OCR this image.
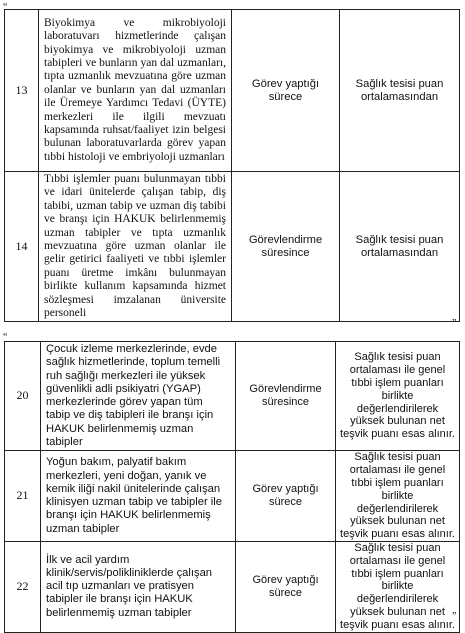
“
13	Biyokimya ve mikrobiyoloji laboratuvarı hizmetlerinde çalışan biyokimya ve mikrobiyoloji uzman tabipleri ve bunların yan dal uzmanları, tıpta uzmanlık mevzuatına göre uzman olanlar ve bunların yan dal uzmanları ile Üremeye Yardımcı Tedavi (ÜYTE) merkezleri ile ilgili mevzuatı kapsamında ruhsat/faaliyet izin belgesi bulunan laboratuvarlarda görev yapan tıbbi histoloji ve embriyoloji uzmanları	Görev yaptığı sürece	Sağlık tesisi puan ortalamasından
14	Tıbbi işlemler puanı bulunmayan tıbbi ve idari ünitelerde çalışan tabip, diş tabibi, uzman tabip ve uzman diş tabibi ve branşı için HAKUK belirlenmemiş uzman tabipler ve tıpta uzmanlık mevzuatına göre uzman olanlar ile gelir getirici faaliyeti ve tıbbi işlemler puanı üretme imkânı bulunmayan birlikte kullanım kapsamında hizmet sözleşmesi imzalanan üniversite personeli	Görevlendirme süresince	Sağlık tesisi puan ortalamasından
”
“
20	Çocuk izleme merkezlerinde, evde sağlık hizmetlerinde, toplum temelli ruh sağlığı merkezleri ile yüksek güvenlikli adli psikiyatri (YGAP) merkezlerinde görev yapan tüm tabip ve diş tabipleri ile branşı için HAKUK belirlenmemiş uzman tabipler	Görevlendirme süresince	Sağlık tesisi puan ortalaması ile genel tıbbi işlem puanları birlikte değerlendirilerek yüksek bulunan net teşvik puanı esas alınır.
21	Yoğun bakım, palyatif bakım merkezleri, yeni doğan, yanık ve kemik iliği nakil ünitelerinde çalışan klinisyen uzman tabip ve tabipler ile branşı için HAKUK belirlenmemiş uzman tabipler	Görev yaptığı sürece	Sağlık tesisi puan ortalaması ile genel tıbbi işlem puanları birlikte değerlendirilerek yüksek bulunan net teşvik puanı esas alınır.
22	İlk ve acil yardım klinik/servis/polikliniklerde çalışan acil tıp uzmanları ve pratisyen tabipler ile branşı için HAKUK belirlenmemiş uzman tabipler	Görev yaptığı sürece	Sağlık tesisi puan ortalaması ile genel tıbbi işlem puanları birlikte değerlendirilerek yüksek bulunan net teşvik puanı esas alınır.
”
